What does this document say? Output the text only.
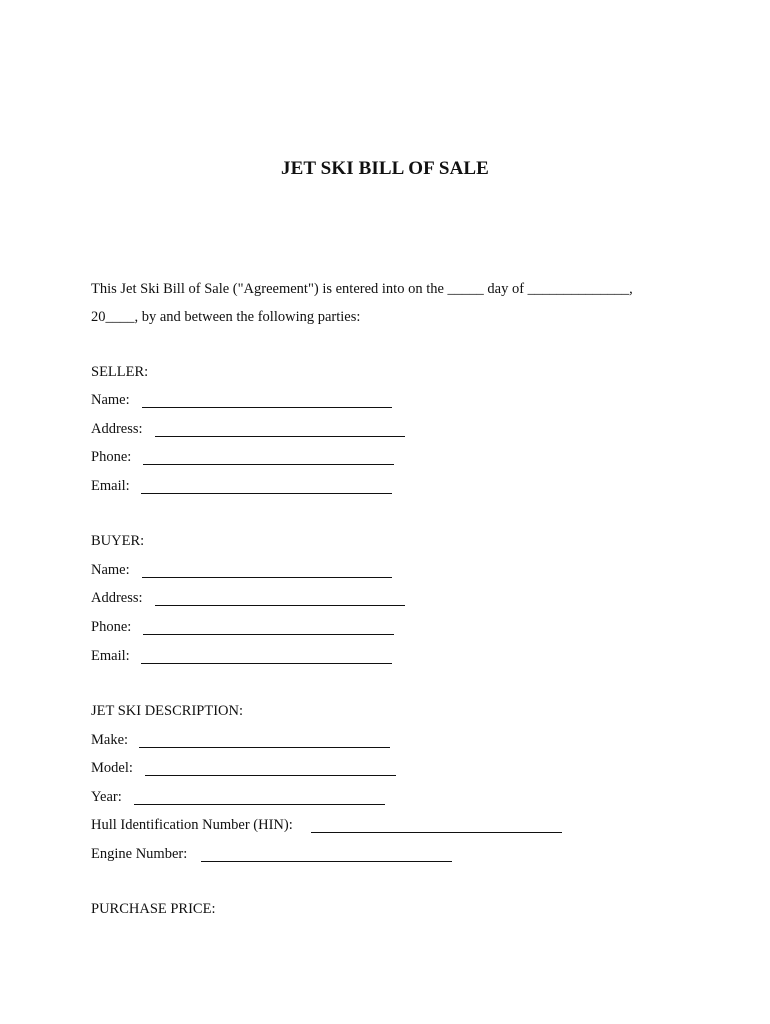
JET SKI BILL OF SALE
This Jet Ski Bill of Sale ("Agreement") is entered into on the _____ day of ______________,
20____, by and between the following parties:
SELLER:
Name:
Address:
Phone:
Email:
BUYER:
Name:
Address:
Phone:
Email:
JET SKI DESCRIPTION:
Make:
Model:
Year:
Hull Identification Number (HIN):
Engine Number:
PURCHASE PRICE:
